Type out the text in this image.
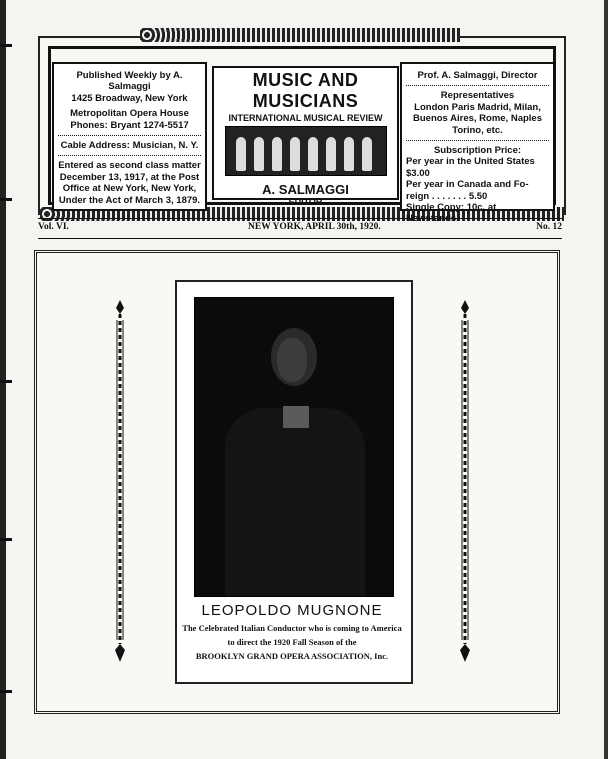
Published Weekly by A. Salmaggi
1425 Broadway, New York
Metropolitan Opera House
Phones: Bryant 1274-5517
Cable Address: Musician, N. Y.
Entered as second class matter
December 13, 1917, at the Post
Office at New York, New York,
Under the Act of March 3, 1879.
MUSIC AND MUSICIANS
INTERNATIONAL MUSICAL REVIEW
A. SALMAGGI
EDITOR
Prof. A. Salmaggi, Director
Representatives
London Paris Madrid, Milan,
Buenos Aires, Rome, Naples
Torino, etc.
Subscription Price:
Per year in the United States $3.00
Per year in Canada and Fo-
reign . . . . . . . 5.50
Single Copy: 10c. at Newstands.
Vol. VI.	NEW YORK, APRIL 30th, 1920.	No. 12
LEOPOLDO MUGNONE
The Celebrated Italian Conductor who is coming to America
to direct the 1920 Fall Season of the
BROOKLYN GRAND OPERA ASSOCIATION, Inc.
